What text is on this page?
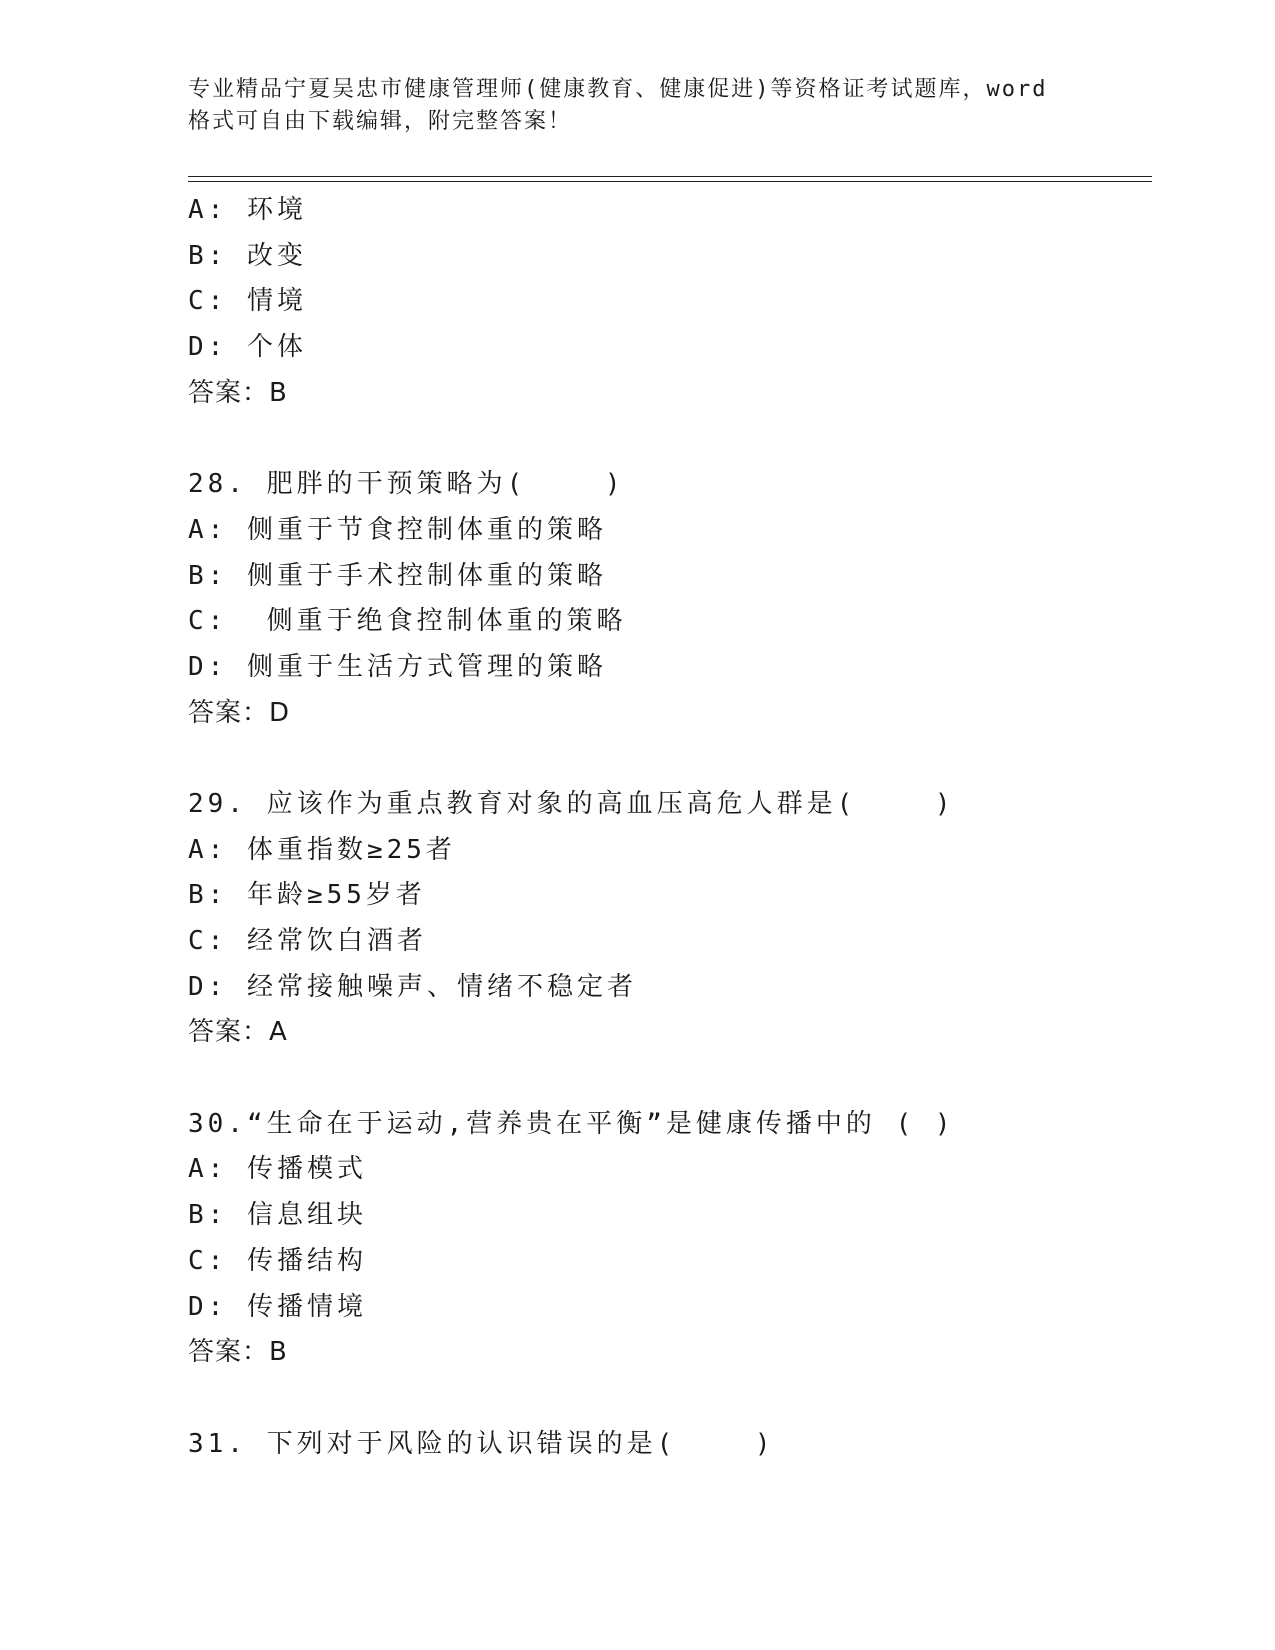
专业精品宁夏吴忠市健康管理师(健康教育、健康促进)等资格证考试题库，word
格式可自由下载编辑，附完整答案！
A: 环境
B: 改变
C: 情境
D: 个体
答案：B
28. 肥胖的干预策略为(    )
A: 侧重于节食控制体重的策略
B: 侧重于手术控制体重的策略
C:  侧重于绝食控制体重的策略
D: 侧重于生活方式管理的策略
答案：D
29. 应该作为重点教育对象的高血压高危人群是(    )
A: 体重指数≥25者
B: 年龄≥55岁者
C: 经常饮白酒者
D: 经常接触噪声、情绪不稳定者
答案：A
30.“生命在于运动,营养贵在平衡”是健康传播中的 ( )
A: 传播模式
B: 信息组块
C: 传播结构
D: 传播情境
答案：B
31. 下列对于风险的认识错误的是(    )
